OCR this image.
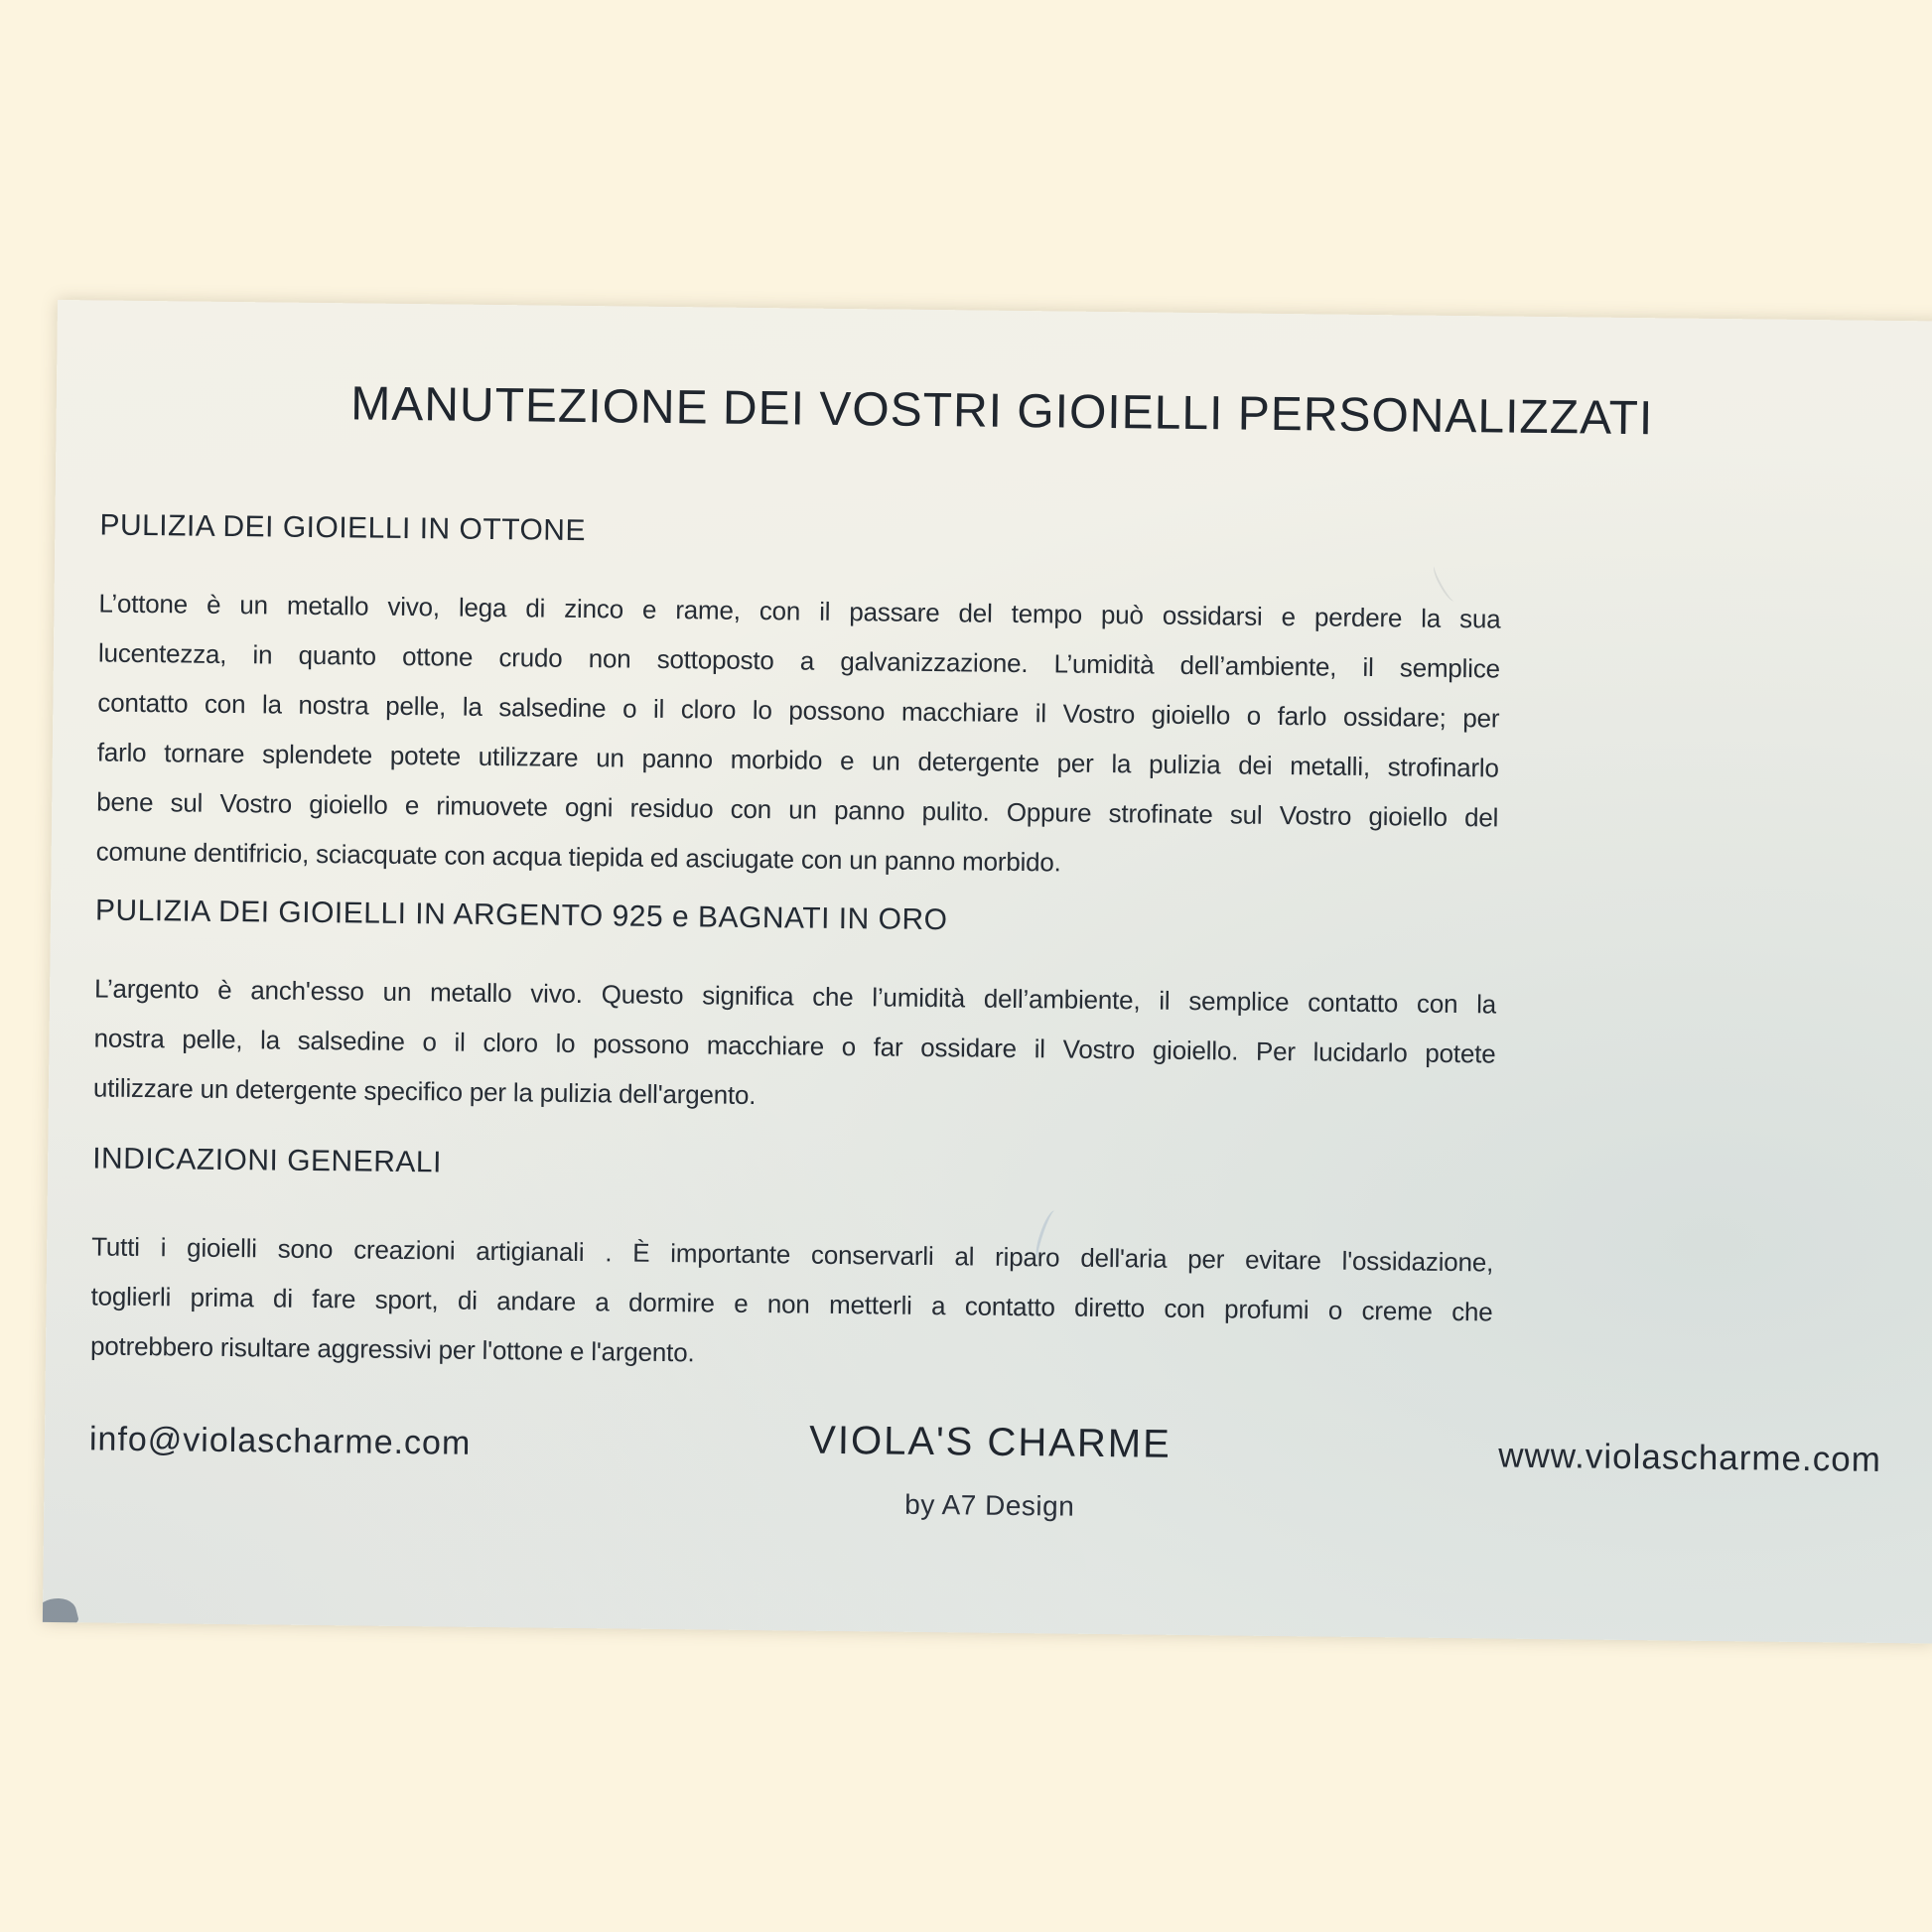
MANUTEZIONE DEI VOSTRI GIOIELLI PERSONALIZZATI
PULIZIA DEI GIOIELLI IN OTTONE
L’ottone è un metallo vivo, lega di zinco e rame, con il passare del tempo può ossidarsi e perdere la sua
lucentezza, in quanto ottone crudo non sottoposto a galvanizzazione. L’umidità dell’ambiente, il semplice
contatto con la nostra pelle, la salsedine o il cloro lo possono macchiare il Vostro gioiello o farlo ossidare; per
farlo tornare splendete potete utilizzare un panno morbido e un detergente per la pulizia dei metalli, strofinarlo
bene sul Vostro gioiello e rimuovete ogni residuo con un panno pulito. Oppure strofinate sul Vostro gioiello del
comune dentifricio, sciacquate con acqua tiepida ed asciugate con un panno morbido.
PULIZIA DEI GIOIELLI IN ARGENTO 925 e BAGNATI IN ORO
L’argento è anch'esso un metallo vivo. Questo significa che l’umidità dell’ambiente, il semplice contatto con la
nostra pelle, la salsedine o il cloro lo possono macchiare o far ossidare il Vostro gioiello. Per lucidarlo potete
utilizzare un detergente specifico per la pulizia dell'argento.
INDICAZIONI GENERALI
Tutti i gioielli sono creazioni artigianali . È importante conservarli al riparo dell'aria per evitare l'ossidazione,
toglierli prima di fare sport, di andare a dormire e non metterli a contatto diretto con profumi o creme che
potrebbero risultare aggressivi per l'ottone e l'argento.
info@violascharme.com	VIOLA'S CHARME
by A7 Design
www.violascharme.com
